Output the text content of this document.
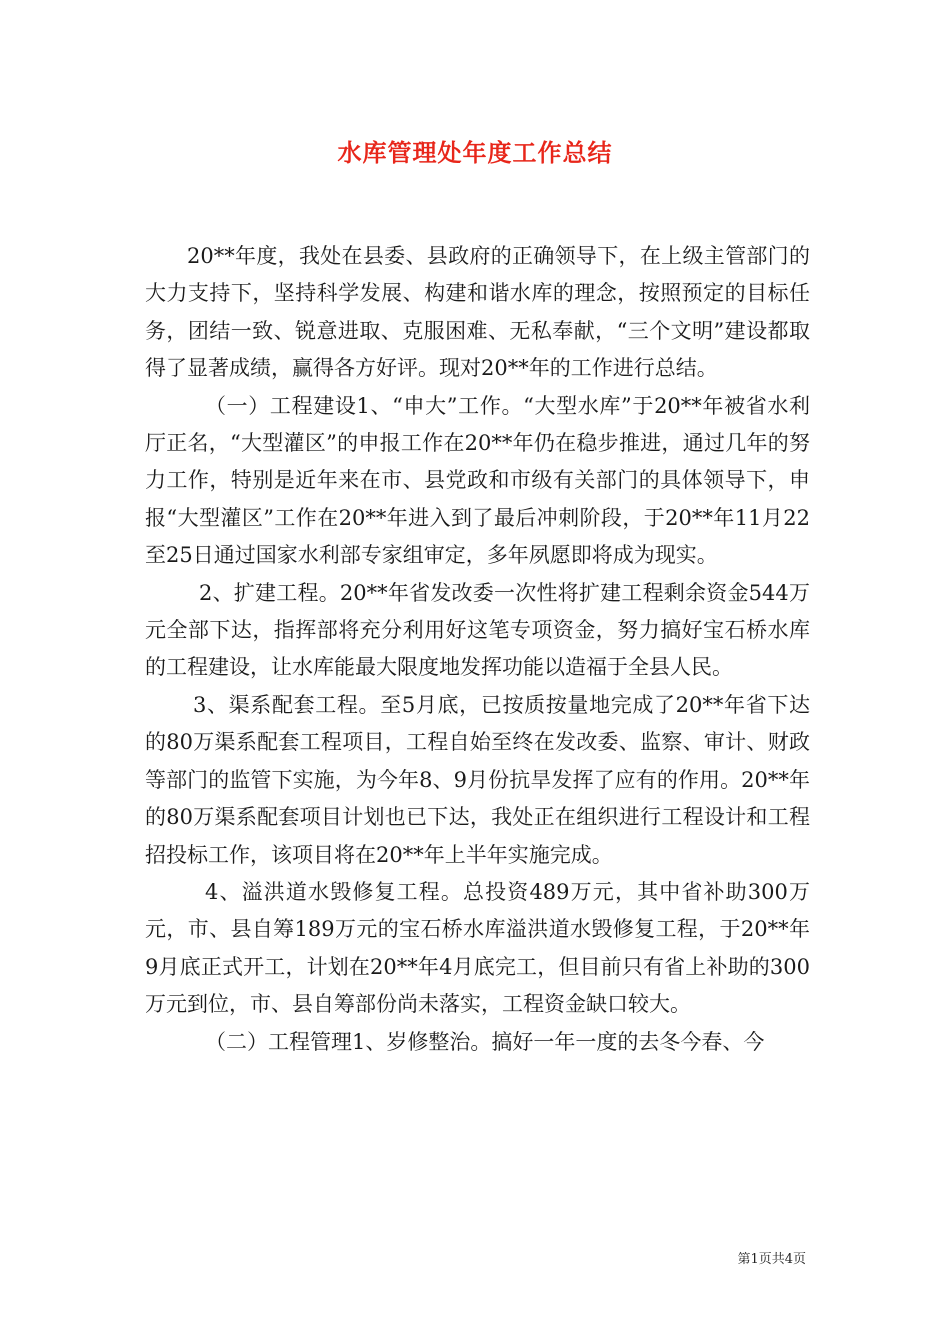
水库管理处年度工作总结

20**年度，我处在县委、县政府的正确领导下，在上级主管部门的大力支持下，坚持科学发展、构建和谐水库的理念，按照预定的目标任务，团结一致、锐意进取、克服困难、无私奉献，“三个文明”建设都取得了显著成绩，赢得各方好评。现对20**年的工作进行总结。

（一）工程建设1、“申大”工作。“大型水库”于20**年被省水利厅正名，“大型灌区”的申报工作在20**年仍在稳步推进，通过几年的努力工作，特别是近年来在市、县党政和市级有关部门的具体领导下，申报“大型灌区”工作在20**年进入到了最后冲刺阶段，于20**年11月22至25日通过国家水利部专家组审定，多年夙愿即将成为现实。

2、扩建工程。20**年省发改委一次性将扩建工程剩余资金544万元全部下达，指挥部将充分利用好这笔专项资金，努力搞好宝石桥水库的工程建设，让水库能最大限度地发挥功能以造福于全县人民。

3、渠系配套工程。至5月底，已按质按量地完成了20**年省下达的80万渠系配套工程项目，工程自始至终在发改委、监察、审计、财政等部门的监管下实施，为今年8、9月份抗旱发挥了应有的作用。20**年的80万渠系配套项目计划也已下达，我处正在组织进行工程设计和工程招投标工作，该项目将在20**年上半年实施完成。

4、溢洪道水毁修复工程。总投资489万元，其中省补助300万元，市、县自筹189万元的宝石桥水库溢洪道水毁修复工程，于20**年9月底正式开工，计划在20**年4月底完工，但目前只有省上补助的300万元到位，市、县自筹部份尚未落实，工程资金缺口较大。

（二）工程管理1、岁修整治。搞好一年一度的去冬今春、今

第1页共4页
